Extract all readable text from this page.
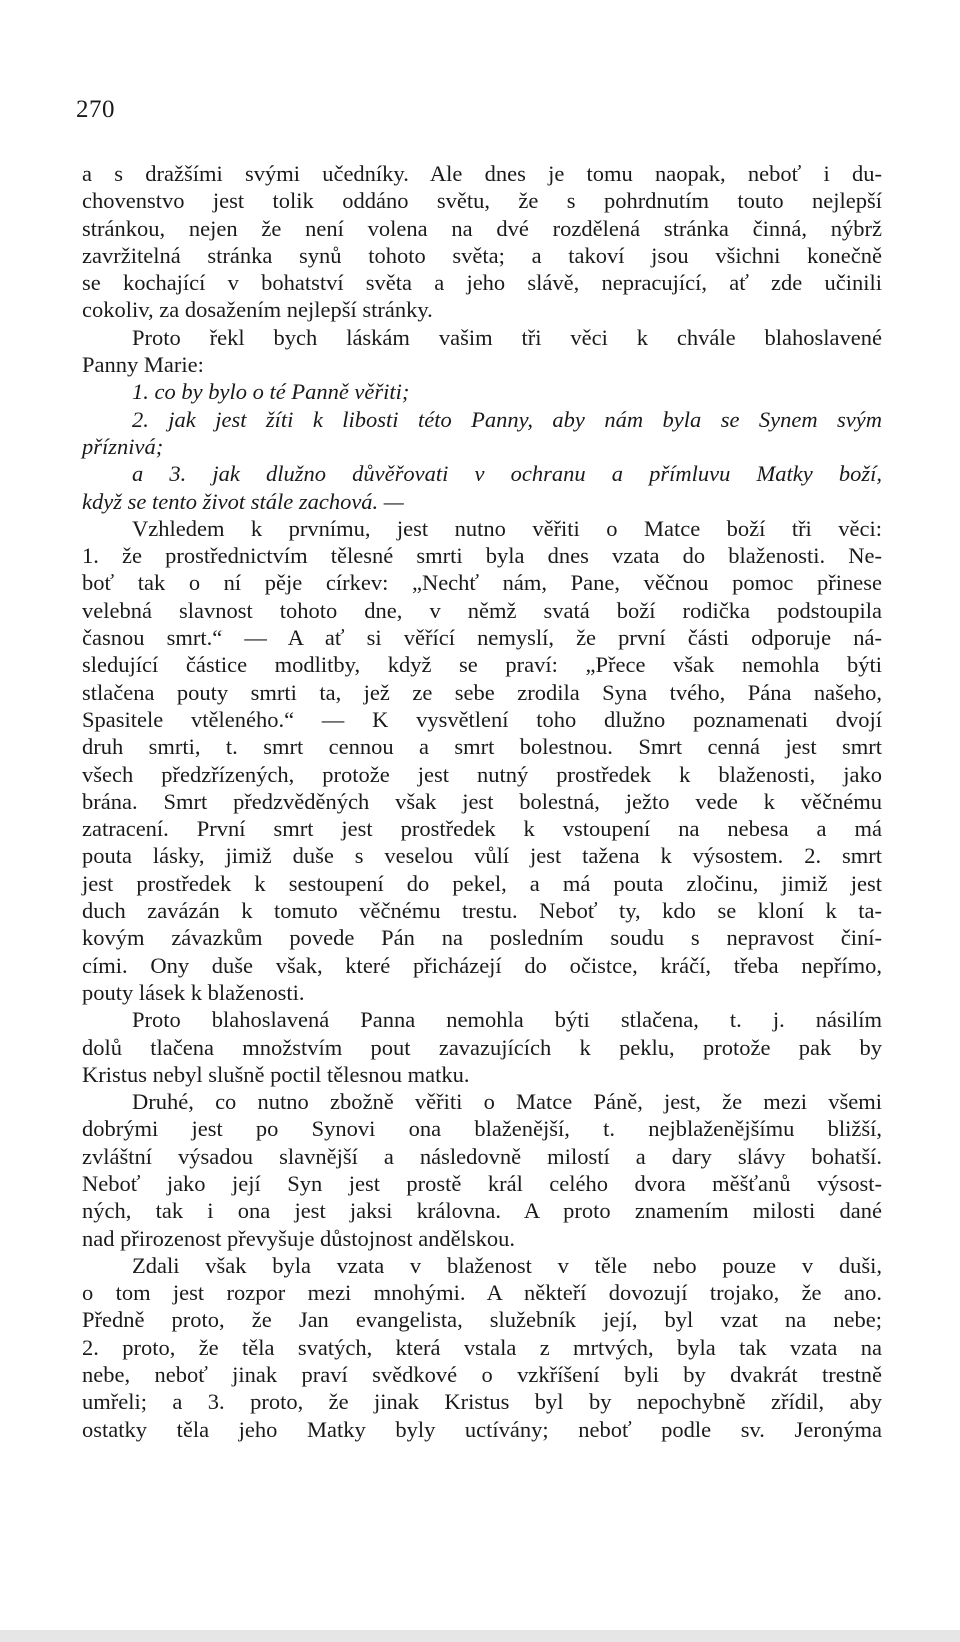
270

a s dražšími svými učedníky. Ale dnes je tomu naopak, neboť i du-

chovenstvo jest tolik oddáno světu, že s pohrdnutím touto nejlepší

stránkou, nejen že není volena na dvé rozdělená stránka činná, nýbrž

zavržitelná stránka synů tohoto světa; a takoví jsou všichni konečně

se kochající v bohatství světa a jeho slávě, nepracující, ať zde učinili

cokoliv, za dosažením nejlepší stránky.

Proto řekl bych láskám vašim tři věci k chvále blahoslavené

Panny Marie:

1. co by bylo o té Panně věřiti;

2. jak jest žíti k libosti této Panny, aby nám byla se Synem svým

příznivá;

a 3. jak dlužno důvěřovati v ochranu a přímluvu Matky boží,

když se tento život stále zachová. —

Vzhledem k prvnímu, jest nutno věřiti o Matce boží tři věci:

1. že prostřednictvím tělesné smrti byla dnes vzata do blaženosti. Ne-

boť tak o ní pěje církev: „Nechť nám, Pane, věčnou pomoc přinese

velebná slavnost tohoto dne, v němž svatá boží rodička podstoupila

časnou smrt.“ — A ať si věřící nemyslí, že první části odporuje ná-

sledující částice modlitby, když se praví: „Přece však nemohla býti

stlačena pouty smrti ta, jež ze sebe zrodila Syna tvého, Pána našeho,

Spasitele vtěleného.“ — K vysvětlení toho dlužno poznamenati dvojí

druh smrti, t. smrt cennou a smrt bolestnou. Smrt cenná jest smrt

všech předzřízených, protože jest nutný prostředek k blaženosti, jako

brána. Smrt předzvěděných však jest bolestná, ježto vede k věčnému

zatracení. První smrt jest prostředek k vstoupení na nebesa a má

pouta lásky, jimiž duše s veselou vůlí jest tažena k výsostem. 2. smrt

jest prostředek k sestoupení do pekel, a má pouta zločinu, jimiž jest

duch zavázán k tomuto věčnému trestu. Neboť ty, kdo se kloní k ta-

kovým závazkům povede Pán na posledním soudu s nepravost činí-

cími. Ony duše však, které přicházejí do očistce, kráčí, třeba nepřímo,

pouty lásek k blaženosti.

Proto blahoslavená Panna nemohla býti stlačena, t. j. násilím

dolů tlačena množstvím pout zavazujících k peklu, protože pak by

Kristus nebyl slušně poctil tělesnou matku.

Druhé, co nutno zbožně věřiti o Matce Páně, jest, že mezi všemi

dobrými jest po Synovi ona blaženější, t. nejblaženějšímu bližší,

zvláštní výsadou slavnější a následovně milostí a dary slávy bohatší.

Neboť jako její Syn jest prostě král celého dvora měšťanů výsost-

ných, tak i ona jest jaksi královna. A proto znamením milosti dané

nad přirozenost převyšuje důstojnost andělskou.

Zdali však byla vzata v blaženost v těle nebo pouze v duši,

o tom jest rozpor mezi mnohými. A někteří dovozují trojako, že ano.

Předně proto, že Jan evangelista, služebník její, byl vzat na nebe;

2. proto, že těla svatých, která vstala z mrtvých, byla tak vzata na

nebe, neboť jinak praví svědkové o vzkříšení byli by dvakrát trestně

umřeli; a 3. proto, že jinak Kristus byl by nepochybně zřídil, aby

ostatky těla jeho Matky byly uctívány; neboť podle sv. Jeronýma
